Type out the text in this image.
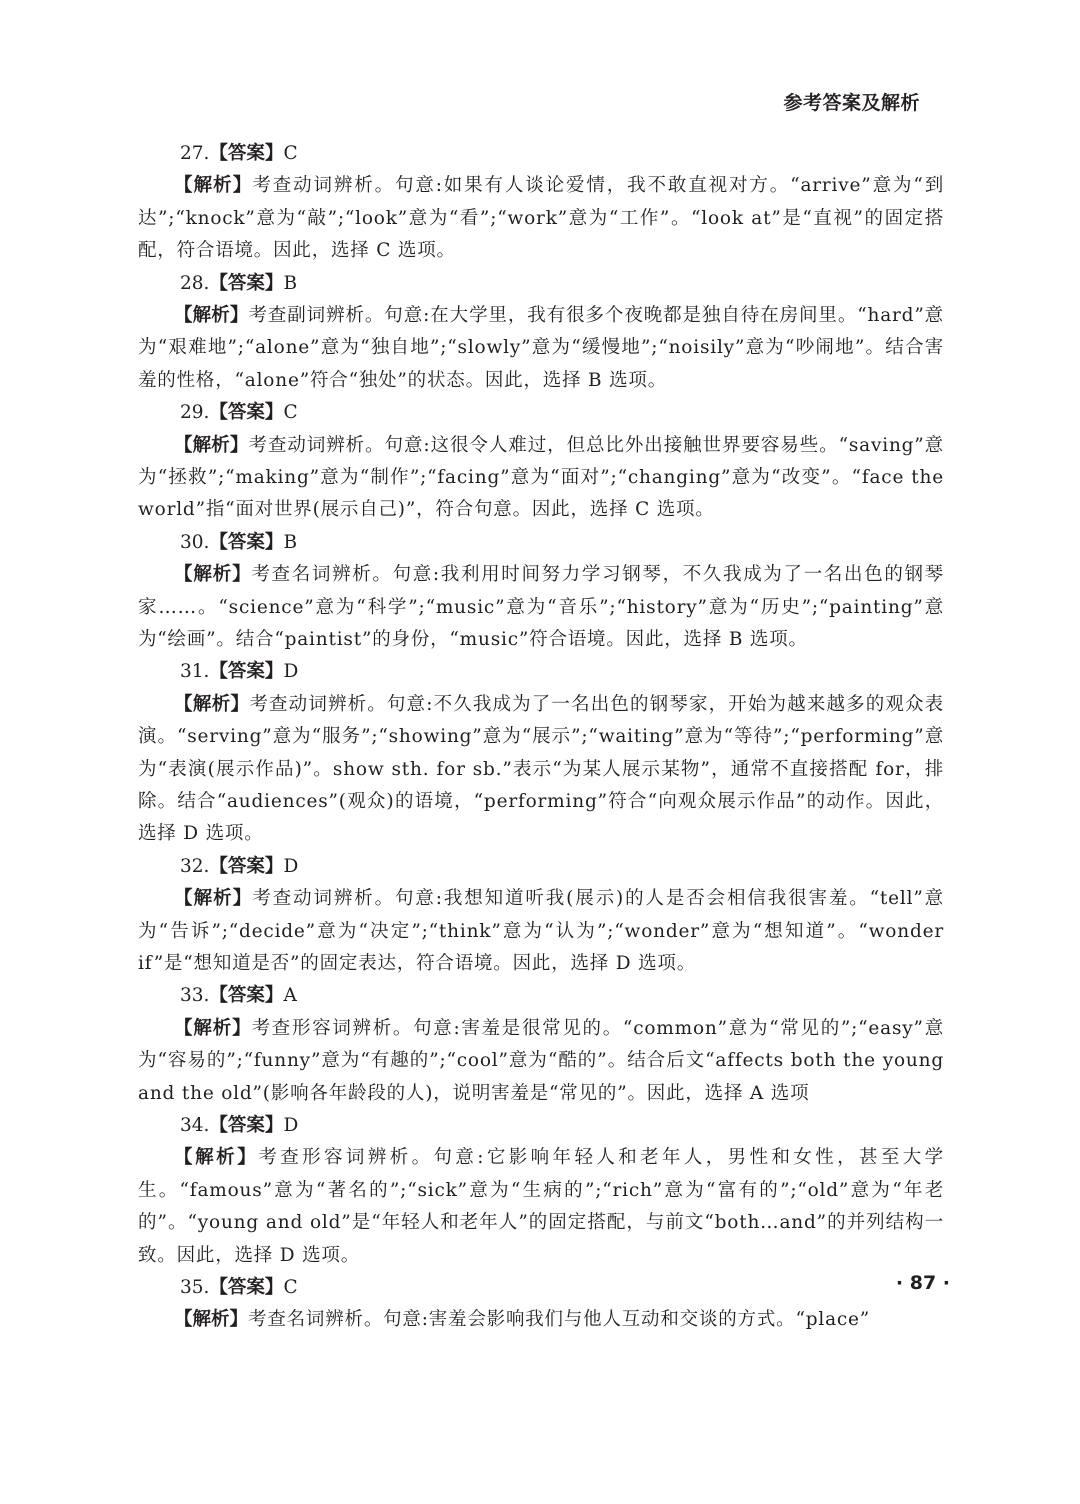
参考答案及解析

27.【答案】C

【解析】考查动词辨析。句意:如果有人谈论爱情，我不敢直视对方。“arrive”意为“到达”;“knock”意为“敲”;“look”意为“看”;“work”意为“工作”。“look at”是“直视”的固定搭配，符合语境。因此，选择 C 选项。

28.【答案】B

【解析】考查副词辨析。句意:在大学里，我有很多个夜晚都是独自待在房间里。“hard”意为“艰难地”;“alone”意为“独自地”;“slowly”意为“缓慢地”;“noisily”意为“吵闹地”。结合害羞的性格，“alone”符合“独处”的状态。因此，选择 B 选项。

29.【答案】C

【解析】考查动词辨析。句意:这很令人难过，但总比外出接触世界要容易些。“saving”意为“拯救”;“making”意为“制作”;“facing”意为“面对”;“changing”意为“改变”。“face the world”指“面对世界(展示自己)”，符合句意。因此，选择 C 选项。

30.【答案】B

【解析】考查名词辨析。句意:我利用时间努力学习钢琴，不久我成为了一名出色的钢琴家……。“science”意为“科学”;“music”意为“音乐”;“history”意为“历史”;“painting”意为“绘画”。结合“paintist”的身份，“music”符合语境。因此，选择 B 选项。

31.【答案】D

【解析】考查动词辨析。句意:不久我成为了一名出色的钢琴家，开始为越来越多的观众表演。“serving”意为“服务”;“showing”意为“展示”;“waiting”意为“等待”;“performing”意为“表演(展示作品)”。show sth. for sb.”表示“为某人展示某物”，通常不直接搭配 for，排除。结合“audiences”(观众)的语境，“performing”符合“向观众展示作品”的动作。因此，选择 D 选项。

32.【答案】D

【解析】考查动词辨析。句意:我想知道听我(展示)的人是否会相信我很害羞。“tell”意为“告诉”;“decide”意为“决定”;“think”意为“认为”;“wonder”意为“想知道”。“wonder if”是“想知道是否”的固定表达，符合语境。因此，选择 D 选项。

33.【答案】A

【解析】考查形容词辨析。句意:害羞是很常见的。“common”意为“常见的”;“easy”意为“容易的”;“funny”意为“有趣的”;“cool”意为“酷的”。结合后文“affects both the young and the old”(影响各年龄段的人)，说明害羞是“常见的”。因此，选择 A 选项

34.【答案】D

【解析】考查形容词辨析。句意:它影响年轻人和老年人，男性和女性，甚至大学生。“famous”意为“著名的”;“sick”意为“生病的”;“rich”意为“富有的”;“old”意为“年老的”。“young and old”是“年轻人和老年人”的固定搭配，与前文“both…and”的并列结构一致。因此，选择 D 选项。

35.【答案】C

【解析】考查名词辨析。句意:害羞会影响我们与他人互动和交谈的方式。“place”

· 87 ·
